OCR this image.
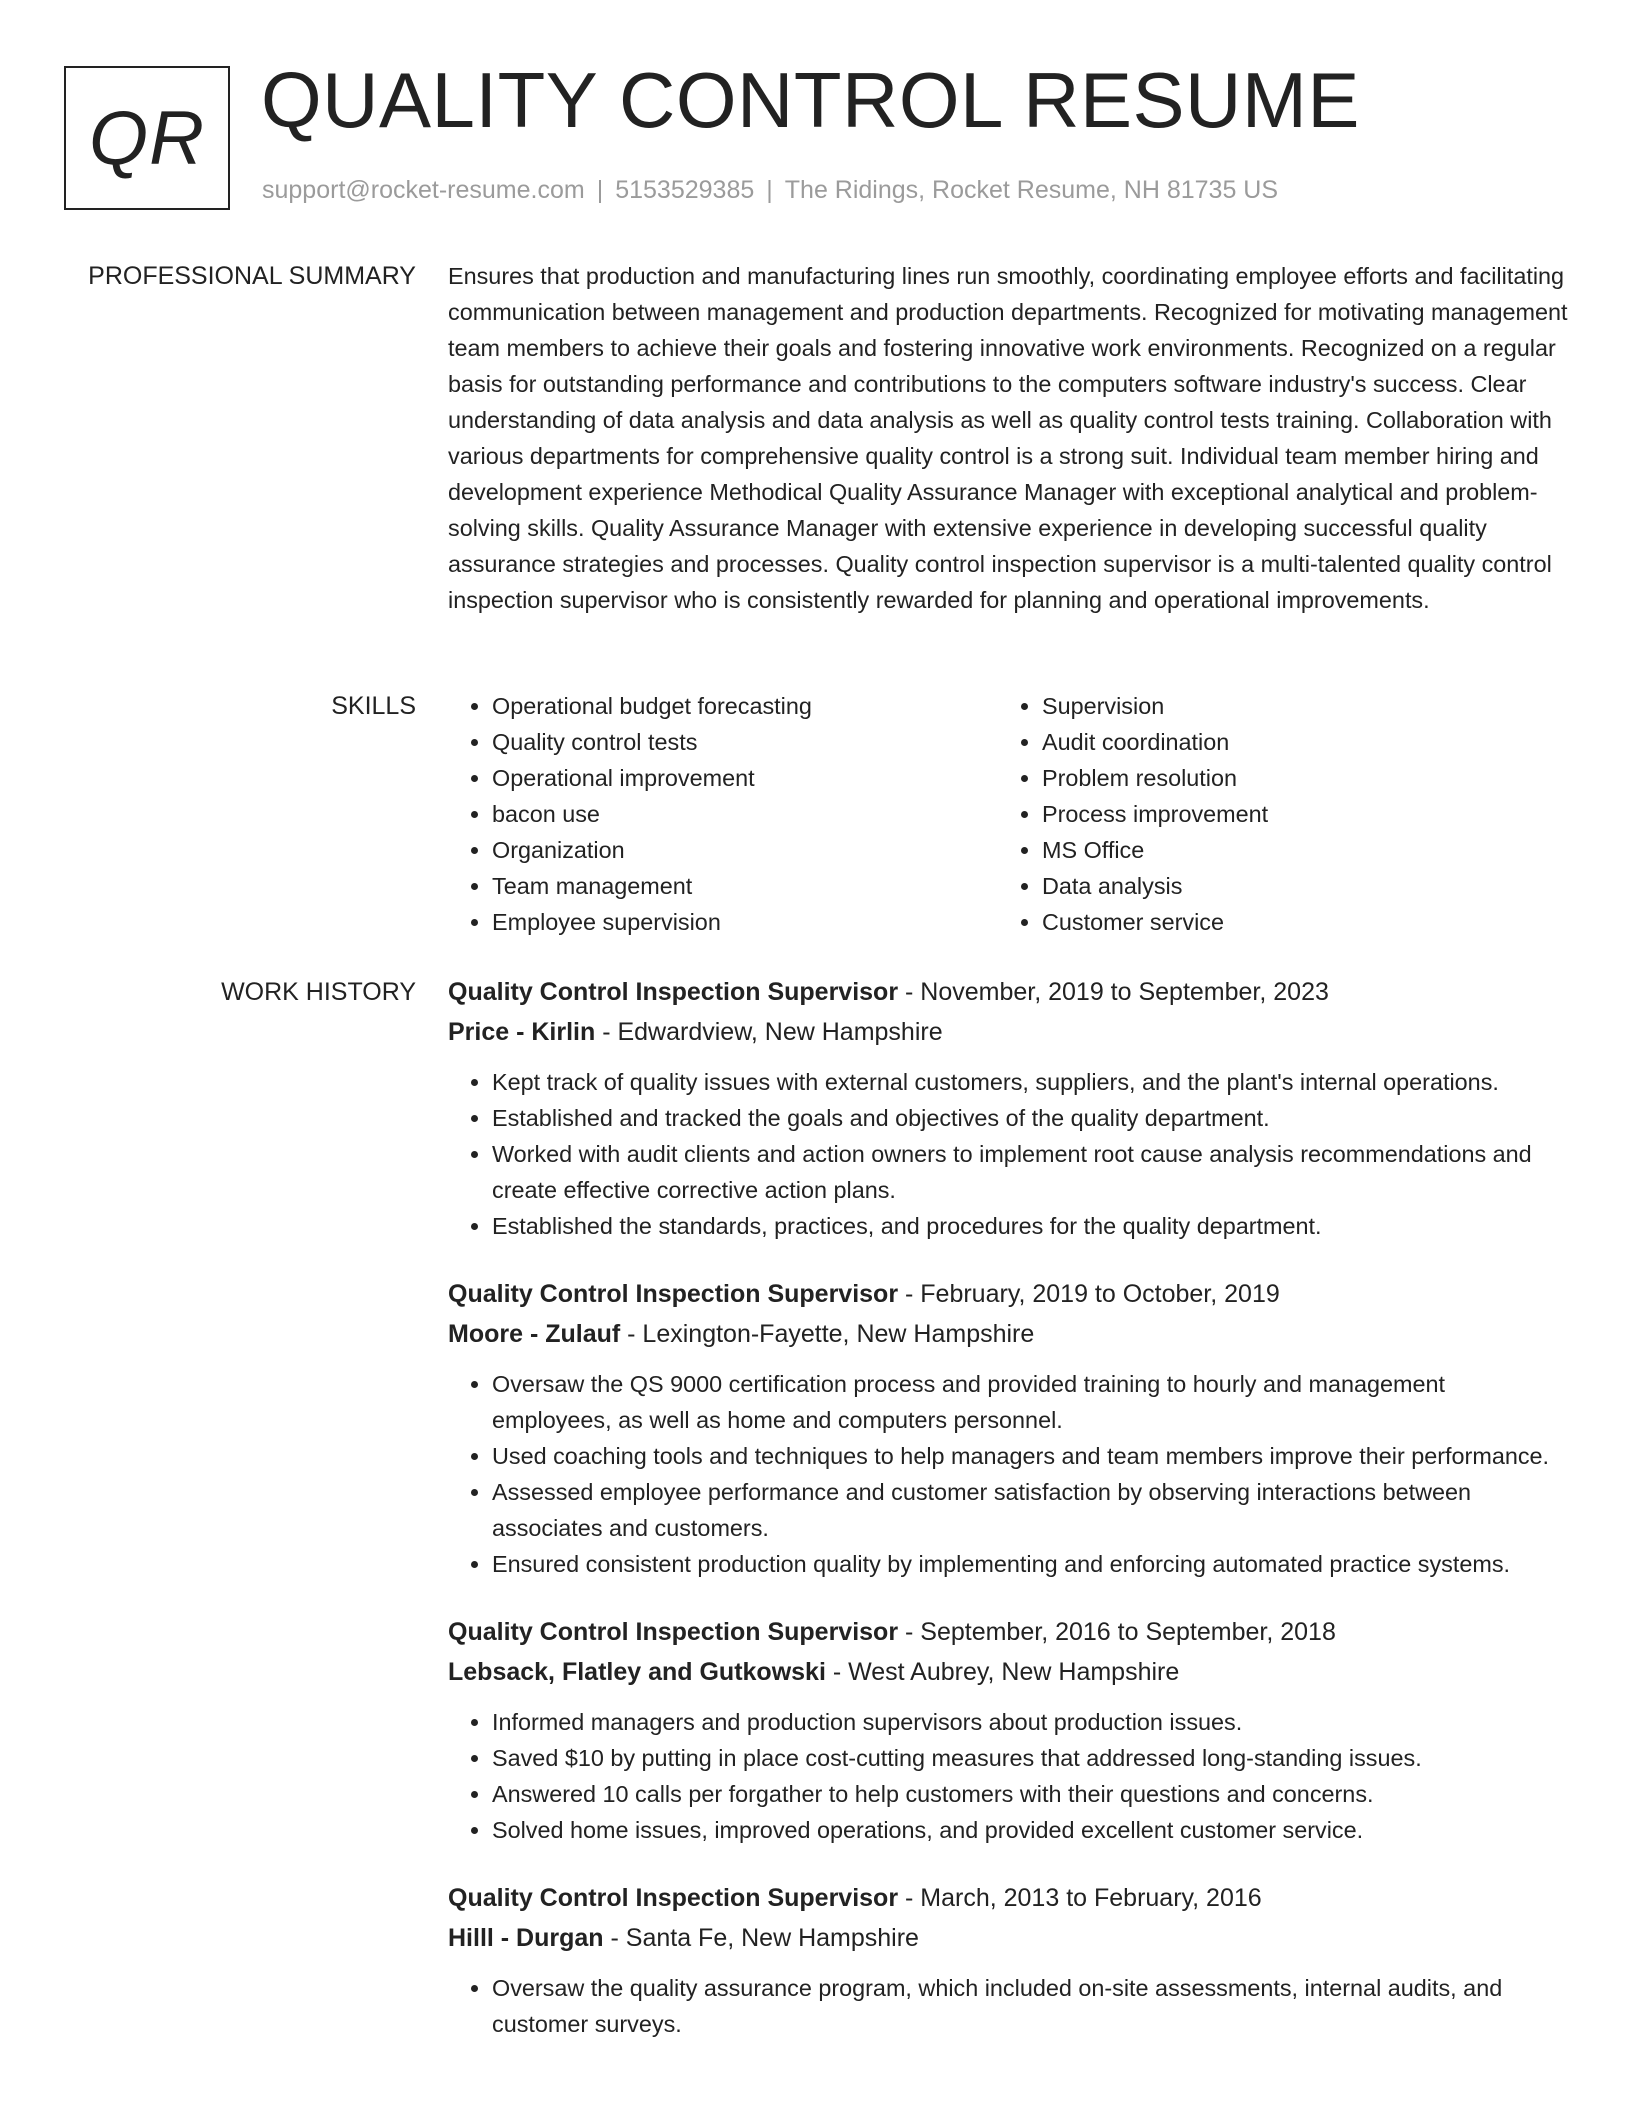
QR QUALITY CONTROL RESUME
support@rocket-resume.com | 5153529385 | The Ridings, Rocket Resume, NH 81735 US
PROFESSIONAL SUMMARY Ensures that production and manufacturing lines run smoothly, coordinating employee efforts and facilitating communication between management and production departments. Recognized for motivating management team members to achieve their goals and fostering innovative work environments. Recognized on a regular basis for outstanding performance and contributions to the computers software industry's success. Clear understanding of data analysis and data analysis as well as quality control tests training. Collaboration with various departments for comprehensive quality control is a strong suit. Individual team member hiring and development experience Methodical Quality Assurance Manager with exceptional analytical and problem-solving skills. Quality Assurance Manager with extensive experience in developing successful quality assurance strategies and processes. Quality control inspection supervisor is a multi-talented quality control inspection supervisor who is consistently rewarded for planning and operational improvements.

SKILLS
•	Operational budget forecasting
• Quality control tests
• Operational improvement
• bacon use
• Organization
• Team management
• Employee supervision
• Supervision
• Audit coordination
• Problem resolution
• Process improvement
• MS Office
• Data analysis
• Customer service
WORK HISTORY Quality Control Inspection Supervisor - November, 2019 to September, 2023
Price - Kirlin - Edwardview, New Hampshire
• Kept track of quality issues with external customers, suppliers, and the plant's internal operations.
• Established and tracked the goals and objectives of the quality department.
• Worked with audit clients and action owners to implement root cause analysis recommendations and create effective corrective action plans.
• Established the standards, practices, and procedures for the quality department.
Quality Control Inspection Supervisor - February, 2019 to October, 2019
Moore - Zulauf - Lexington-Fayette, New Hampshire
• Oversaw the QS 9000 certification process and provided training to hourly and management employees, as well as home and computers personnel.
• Used coaching tools and techniques to help managers and team members improve their performance.
• Assessed employee performance and customer satisfaction by observing interactions between associates and customers.
• Ensured consistent production quality by implementing and enforcing automated practice systems.
Quality Control Inspection Supervisor - September, 2016 to September, 2018
Lebsack, Flatley and Gutkowski - West Aubrey, New Hampshire
• Informed managers and production supervisors about production issues.
• Saved $10 by putting in place cost-cutting measures that addressed long-standing issues.
• Answered 10 calls per forgather to help customers with their questions and concerns.
• Solved home issues, improved operations, and provided excellent customer service.
Quality Control Inspection Supervisor - March, 2013 to February, 2016
Hilll - Durgan - Santa Fe, New Hampshire
• Oversaw the quality assurance program, which included on-site assessments, internal audits, and customer surveys.
